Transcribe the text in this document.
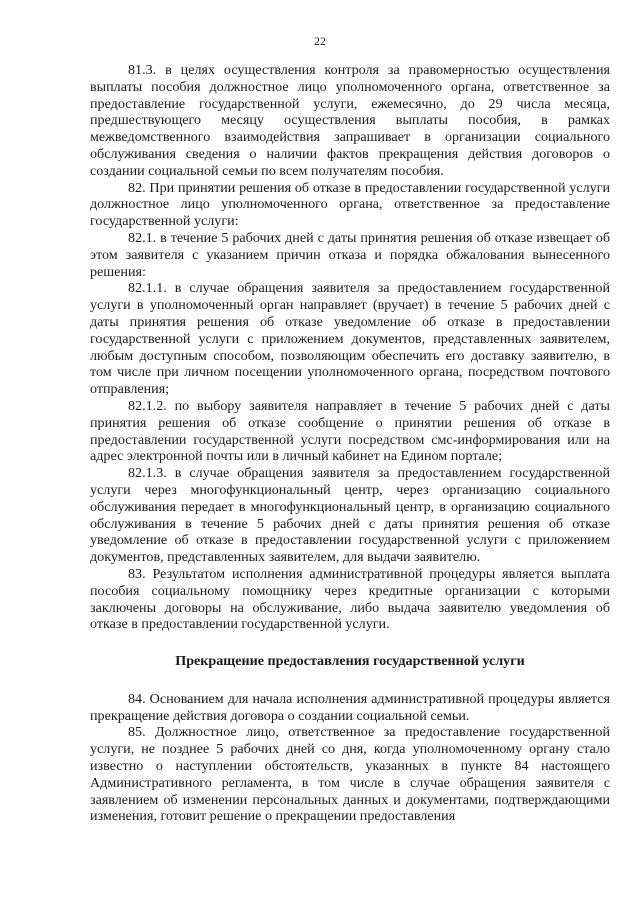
22

81.3. в целях осуществления контроля за правомерностью осуществления выплаты пособия должностное лицо уполномоченного органа, ответственное за предоставление государственной услуги, ежемесячно, до 29 числа месяца, предшествующего месяцу осуществления выплаты пособия, в рамках межведомственного взаимодействия запрашивает в организации социального обслуживания сведения о наличии фактов прекращения действия договоров о создании социальной семьи по всем получателям пособия.

82. При принятии решения об отказе в предоставлении государственной услуги должностное лицо уполномоченного органа, ответственное за предоставление государственной услуги:

82.1. в течение 5 рабочих дней с даты принятия решения об отказе извещает об этом заявителя с указанием причин отказа и порядка обжалования вынесенного решения:

82.1.1. в случае обращения заявителя за предоставлением государственной услуги в уполномоченный орган направляет (вручает) в течение 5 рабочих дней с даты принятия решения об отказе уведомление об отказе в предоставлении государственной услуги с приложением документов, представленных заявителем, любым доступным способом, позволяющим обеспечить его доставку заявителю, в том числе при личном посещении уполномоченного органа, посредством почтового отправления;

82.1.2. по выбору заявителя направляет в течение 5 рабочих дней с даты принятия решения об отказе сообщение о принятии решения об отказе в предоставлении государственной услуги посредством смс-информирования или на адрес электронной почты или в личный кабинет на Едином портале;

82.1.3. в случае обращения заявителя за предоставлением государственной услуги через многофункциональный центр, через организацию социального обслуживания передает в многофункциональный центр, в организацию социального обслуживания в течение 5 рабочих дней с даты принятия решения об отказе уведомление об отказе в предоставлении государственной услуги с приложением документов, представленных заявителем, для выдачи заявителю.

83. Результатом исполнения административной процедуры является выплата пособия социальному помощнику через кредитные организации с которыми заключены договоры на обслуживание, либо выдача заявителю уведомления об отказе в предоставлении государственной услуги.

Прекращение предоставления государственной услуги

84. Основанием для начала исполнения административной процедуры является прекращение действия договора о создании социальной семьи.

85. Должностное лицо, ответственное за предоставление государственной услуги, не позднее 5 рабочих дней со дня, когда уполномоченному органу стало известно о наступлении обстоятельств, указанных в пункте 84 настоящего Административного регламента, в том числе в случае обращения заявителя с заявлением об изменении персональных данных и документами, подтверждающими изменения, готовит решение о прекращении предоставления
